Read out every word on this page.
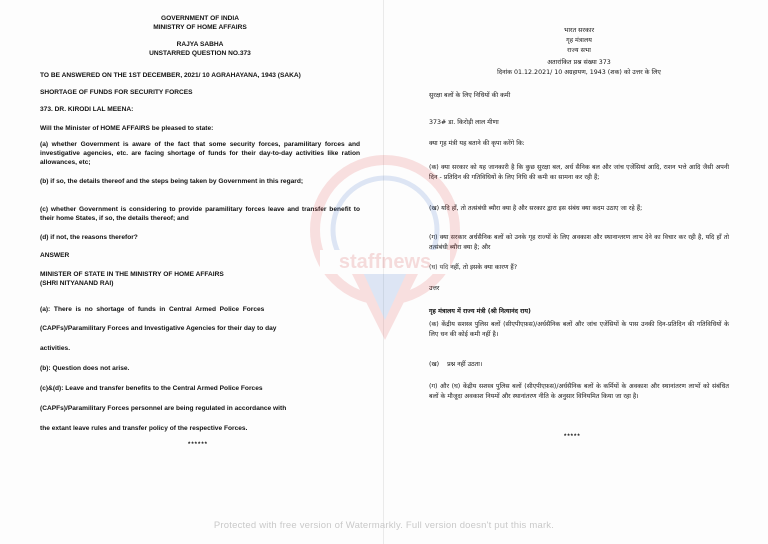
GOVERNMENT OF INDIA
MINISTRY OF HOME AFFAIRS
RAJYA SABHA
UNSTARRED QUESTION NO.373
TO BE ANSWERED ON THE 1ST DECEMBER, 2021/ 10 AGRAHAYANA, 1943 (SAKA)
SHORTAGE OF FUNDS FOR SECURITY FORCES
373. DR. KIRODI LAL MEENA:
Will the Minister of HOME AFFAIRS be pleased to state:
(a) whether Government is aware of the fact that some security forces, paramilitary forces and investigative agencies, etc. are facing shortage of funds for their day-to-day activities like ration allowances, etc;
(b) if so, the details thereof and the steps being taken by Government in this regard;
(c) whether Government is considering to provide paramilitary forces leave and transfer benefit to their home States, if so, the details thereof; and
(d) if not, the reasons therefor?
ANSWER
MINISTER OF STATE IN THE MINISTRY OF HOME AFFAIRS
(SHRI NITYANAND RAI)
(a):  There  is  no  shortage  of  funds  in  Central  Armed  Police  Forces
(CAPFs)/Paramilitary Forces and Investigative Agencies for their day to day
activities.
(b): Question does not arise.
(c)&(d): Leave and transfer benefits to the Central Armed Police Forces
(CAPFs)/Paramilitary Forces personnel are being regulated in accordance with
the extant leave rules and transfer policy of the respective Forces.
******
भारत सरकार
गृह मंत्रालय
राज्य सभा
अतारांकित प्रश्न संख्या 373
दिनांक 01.12.2021/ 10 अग्रहायण, 1943 (शक) को उत्तर के लिए
सुरक्षा बलों के लिए निधियों की कमी
373# डा. किरोड़ी लाल मीणा
क्या गृह मंत्री यह बताने की कृपा करेंगे कि:
(क) क्या सरकार को यह जानकारी है कि कुछ सुरक्षा बल, अर्ध सैनिक बल और जांच एजेंसियां आदि, राशन भत्ते आदि जैसी अपनी दिन - प्रतिदिन की गतिविधियों के लिए निधि की कमी का सामना कर रही हैं;
(ख) यदि हाँ, तो तत्संबंधी ब्यौरा क्या है और सरकार द्वारा इस संबंध क्या कदम उठाए जा रहे हैं;
(ग) क्या सरकार अर्धसैनिक बलों को उनके गृह राज्यों के लिए अवकाश और स्थानान्तरण लाभ देने का विचार कर रही है, यदि हाँ तो तत्संबंधी ब्यौरा क्या है; और
(घ) यदि नहीं, तो इसके क्या कारण हैं?
उत्तर
गृह मंत्रालय में राज्य मंत्री (श्री नित्यानंद राय)
(क) केंद्रीय सशस्त्र पुलिस बलों (सीएपीएफ़स)/अर्धसैनिक बलों और जांच एजेंसियों के पास उनकी दिन-प्रतिदिन की गतिविधियों के लिए धन की कोई कमी नहीं है।
(ख)    प्रश्न नहीं उठता।
(ग) और (घ) केंद्रीय सशस्त्र पुलिस बलों (सीएपीएफ़स)/अर्धसैनिक बलों के कर्मियों के अवकाश और स्थानांतरण लाभों को संबंधित बलों के मौजूदा अवकाश नियमों और स्थानांतरण नीति के अनुसार विनियमित किया जा रहा है।
*****
staffnews
Protected with free version of Watermarkly. Full version doesn't put this mark.
